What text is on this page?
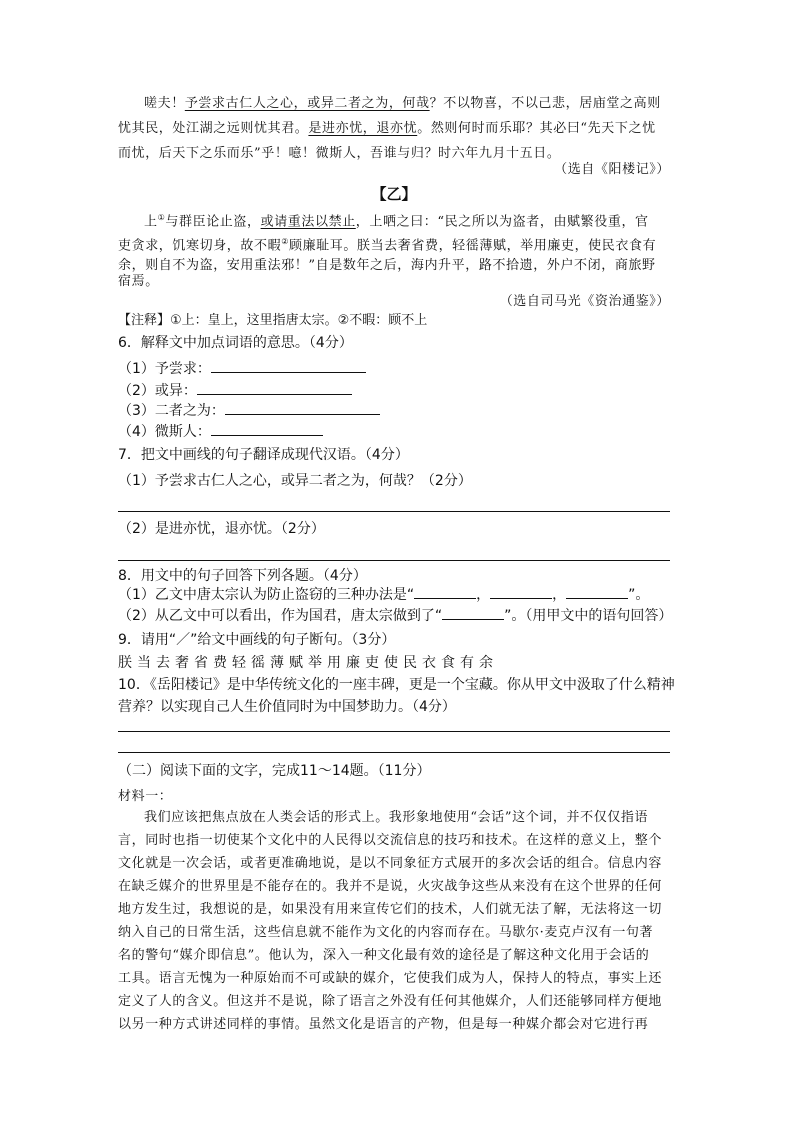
嗟夫！予尝求古仁人之心，或异二者之为，何哉？不以物喜，不以己悲，居庙堂之高则

忧其民，处江湖之远则忧其君。是进亦忧，退亦忧。然则何时而乐耶？其必曰“先天下之忧

而忧，后天下之乐而乐”乎！噫！微斯人，吾谁与归？时六年九月十五日。

（选自《阳楼记》）

【乙】

上①与群臣论止盗，或请重法以禁止，上哂之曰：“民之所以为盗者，由赋繁役重，官

吏贪求，饥寒切身，故不暇②顾廉耻耳。朕当去奢省费，轻徭薄赋，举用廉吏，使民衣食有

余，则自不为盗，安用重法邪！”自是数年之后，海内升平，路不拾遗，外户不闭，商旅野

宿焉。

（选自司马光《资治通鉴》）

【注释】①上：皇上，这里指唐太宗。②不暇：顾不上

6．解释文中加点词语的意思。（4分）

（1）予尝求：

（2）或异：

（3）二者之为：

（4）微斯人：

7．把文中画线的句子翻译成现代汉语。（4分）

（1）予尝求古仁人之心，或异二者之为，何哉？（2分）

（2）是进亦忧，退亦忧。（2分）

8．用文中的句子回答下列各题。（4分）

（1）乙文中唐太宗认为防止盗窃的三种办法是“	，	，	”。

（2）从乙文中可以看出，作为国君，唐太宗做到了“	”。（用甲文中的语句回答）

9．请用“／”给文中画线的句子断句。（3分）

朕当去奢省费轻徭薄赋举用廉吏使民衣食有余

10．《岳阳楼记》是中华传统文化的一座丰碑，更是一个宝藏。你从甲文中汲取了什么精神

营养？以实现自己人生价值同时为中国梦助力。（4分）

（二）阅读下面的文字，完成11～14题。（11分）

材料一：

我们应该把焦点放在人类会话的形式上。我形象地使用“会话”这个词，并不仅仅指语

言，同时也指一切使某个文化中的人民得以交流信息的技巧和技术。在这样的意义上，整个

文化就是一次会话，或者更准确地说，是以不同象征方式展开的多次会话的组合。信息内容

在缺乏媒介的世界里是不能存在的。我并不是说，火灾战争这些从来没有在这个世界的任何

地方发生过，我想说的是，如果没有用来宣传它们的技术，人们就无法了解，无法将这一切

纳入自己的日常生活，这些信息就不能作为文化的内容而存在。马歇尔·麦克卢汉有一句著

名的警句“媒介即信息”。他认为，深入一种文化最有效的途径是了解这种文化用于会话的

工具。语言无愧为一种原始而不可或缺的媒介，它使我们成为人，保持人的特点，事实上还

定义了人的含义。但这并不是说，除了语言之外没有任何其他媒介，人们还能够同样方便地

以另一种方式讲述同样的事情。虽然文化是语言的产物，但是每一种媒介都会对它进行再
